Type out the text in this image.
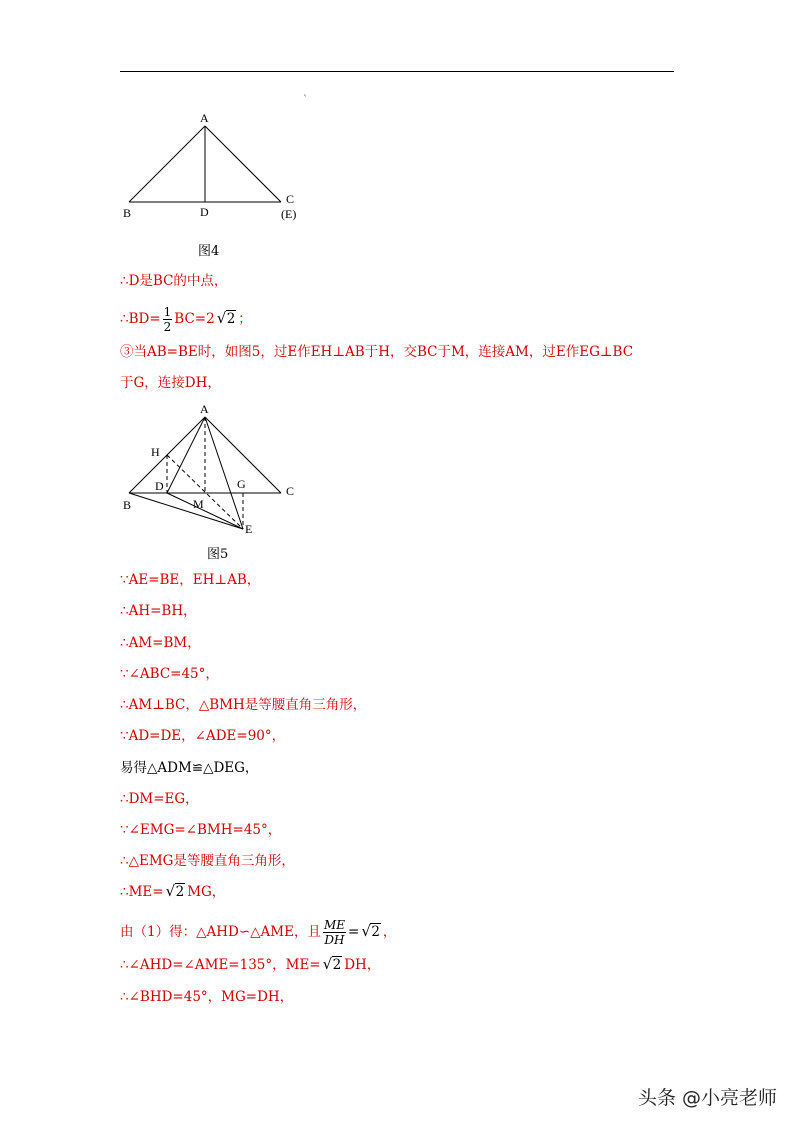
ˋ
A
B	D
C
(E)
图4
∴D是BC的中点，
∴BD= $\frac{1}{2} BC=2$ √ 2 ；
③当AB=BE时，如图5，过E作EH⊥AB于H，交BC于M，连接AM，过E作EG⊥BC
于G，连接DH，
A
H
D
M
G	C
B
E
图5
∵AE=BE，EH⊥AB，
∴AH=BH，
∴AM=BM，
∵∠ABC=45°，
∴AM⊥BC，△BMH是等腰直角三角形，
∵AD=DE，∠ADE=90°，
易得△ADM≌△DEG，
∴DM=EG，
∵∠EMG=∠BMH=45°，
∴△EMG是等腰直角三角形，
∴ME= √ 2 MG，
由（1）得：△AHD∽△AME，且 $\frac{ME}{DH}$ = √ 2 ，
∴∠AHD=∠AME=135°，ME= √ 2 DH，
∴∠BHD=45°，MG=DH，
头条 @小亮老师
